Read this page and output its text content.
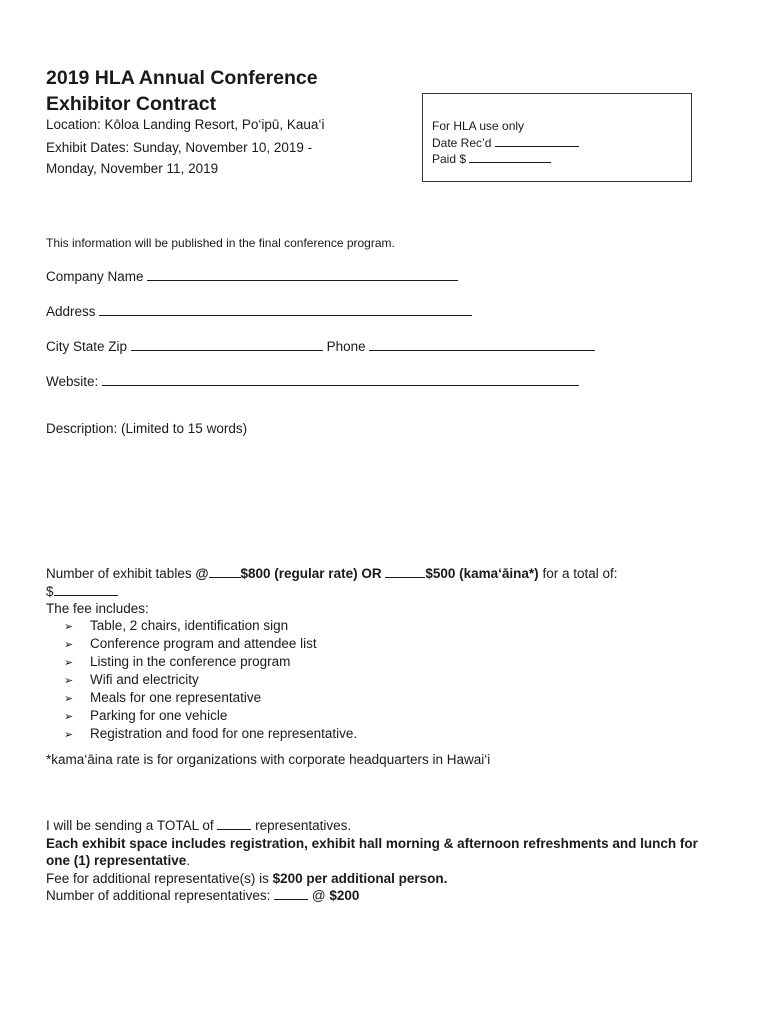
2019 HLA Annual Conference
Exhibitor Contract
Location: Kōloa Landing Resort, Po‘ipū, Kaua‘i
Exhibit Dates: Sunday, November 10, 2019 -
Monday, November 11, 2019
For HLA use only
Date Rec’d
Paid $
This information will be published in the final conference program.
Company Name
Address
City State Zip	Phone
Website:
Description: (Limited to 15 words)
Number of exhibit tables @ $800 (regular rate) OR	$500 (kama‘āina*) for a total of:
$
The fee includes:
➢ Table, 2 chairs, identification sign
➢ Conference program and attendee list
➢ Listing in the conference program
➢ Wifi and electricity
➢ Meals for one representative
➢ Parking for one vehicle
➢ Registration and food for one representative.
*kama‘āina rate is for organizations with corporate headquarters in Hawai‘i
I will be sending a TOTAL of	representatives.
Each exhibit space includes registration, exhibit hall morning & afternoon refreshments and lunch for
one (1) representative.
Fee for additional representative(s) is $200 per additional person.
Number of additional representatives:	@ $200
